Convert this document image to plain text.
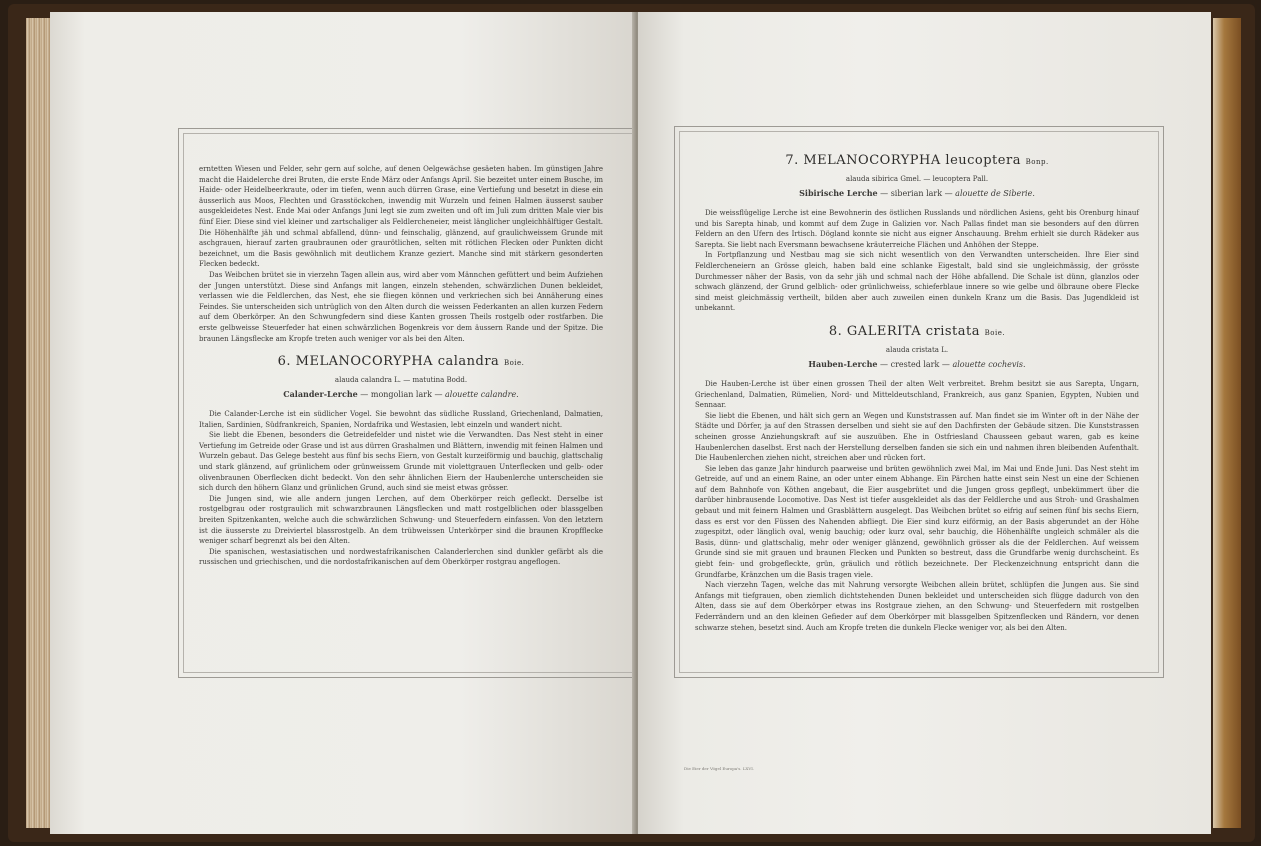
erntetten Wiesen und Felder, sehr gern auf solche, auf denen Oelgewächse gesäeten haben. Im günstigen Jahre macht die Haidelerche drei Bruten, die erste Ende März oder Anfangs April. Sie bezeitet unter einem Busche, im Haide- oder Heidelbeerkraute, oder im tiefen, wenn auch dürren Grase, eine Vertiefung und besetzt in diese ein äusserlich aus Moos, Flechten und Grasstöckchen, inwendig mit Wurzeln und feinen Halmen äusserst sauber ausgekleidetes Nest. Ende Mai oder Anfangs Juni legt sie zum zweiten und oft im Juli zum dritten Male vier bis fünf Eier. Diese sind viel kleiner und zartschaliger als Feldlercheneier, meist länglicher ungleichhälftiger Gestalt. Die Höhenhälfte jäh und schmal abfallend, dünn- und feinschalig, glänzend, auf graulichweissem Grunde mit aschgrauen, hierauf zarten graubraunen oder graurötlichen, selten mit rötlichen Flecken oder Punkten dicht bezeichnet, um die Basis gewöhnlich mit deutlichem Kranze geziert. Manche sind mit stärkern gesonderten Flecken bedeckt.

Das Weibchen brütet sie in vierzehn Tagen allein aus, wird aber vom Männchen gefüttert und beim Aufziehen der Jungen unterstützt. Diese sind Anfangs mit langen, einzeln stehenden, schwärzlichen Dunen bekleidet, verlassen wie die Feldlerchen, das Nest, ehe sie fliegen können und verkriechen sich bei Annäherung eines Feindes. Sie unterscheiden sich untrüglich von den Alten durch die weissen Federkanten an allen kurzen Federn auf dem Oberkörper. An den Schwungfedern sind diese Kanten grossen Theils rostgelb oder rostfarben. Die erste gelbweisse Steuerfeder hat einen schwärzlichen Bogenkreis vor dem äussern Rande und der Spitze. Die braunen Längsflecke am Kropfe treten auch weniger vor als bei den Alten.

6. MELANOCORYPHA calandra Boie.
alauda calandra L. — matutina Bodd.
Calander-Lerche — mongolian lark — alouette calandre.

Die Calander-Lerche ist ein südlicher Vogel. Sie bewohnt das südliche Russland, Griechenland, Dalmatien, Italien, Sardinien, Südfrankreich, Spanien, Nordafrika und Westasien, lebt einzeln und wandert nicht.

Sie liebt die Ebenen, besonders die Getreidefelder und nistet wie die Verwandten. Das Nest steht in einer Vertiefung im Getreide oder Grase und ist aus dürren Grashalmen und Blättern, inwendig mit feinen Halmen und Wurzeln gebaut. Das Gelege besteht aus fünf bis sechs Eiern, von Gestalt kurzeiförmig und bauchig, glattschalig und stark glänzend, auf grünlichem oder grünweissem Grunde mit violettgrauen Unterflecken und gelb- oder olivenbraunen Oberflecken dicht bedeckt. Von den sehr ähnlichen Eiern der Haubenlerche unterscheiden sie sich durch den höhern Glanz und grünlichen Grund, auch sind sie meist etwas grösser.

Die Jungen sind, wie alle andern jungen Lerchen, auf dem Oberkörper reich gefleckt. Derselbe ist rostgelbgrau oder rostgraulich mit schwarzbraunen Längsflecken und matt rostgelblichen oder blassgelben breiten Spitzenkanten, welche auch die schwärzlichen Schwung- und Steuerfedern einfassen. Von den letztern ist die äusserste zu Dreiviertel blassrostgelb. An dem trübweissen Unterkörper sind die braunen Kropfflecke weniger scharf begrenzt als bei den Alten.

Die spanischen, westasiatischen und nordwestafrikanischen Calanderlerchen sind dunkler gefärbt als die russischen und griechischen, und die nordostafrikanischen auf dem Oberkörper rostgrau angeflogen.

7. MELANOCORYPHA leucoptera Bonp.
alauda sibirica Gmel. — leucoptera Pall.
Sibirische Lerche — siberian lark — alouette de Siberie.

Die weissflügelige Lerche ist eine Bewohnerin des östlichen Russlands und nördlichen Asiens, geht bis Orenburg hinauf und bis Sarepta hinab, und kommt auf dem Zuge in Galizien vor. Nach Pallas findet man sie besonders auf den dürren Feldern an den Ufern des Irtisch. Dögland konnte sie nicht aus eigner Anschauung. Brehm erhielt sie durch Rädeker aus Sarepta. Sie liebt nach Eversmann bewachsene kräuterreiche Flächen und Anhöhen der Steppe.

In Fortpflanzung und Nestbau mag sie sich nicht wesentlich von den Verwandten unterscheiden. Ihre Eier sind Feldlercheneiern an Grösse gleich, haben bald eine schlanke Eigestalt, bald sind sie ungleichmässig, der grösste Durchmesser näher der Basis, von da sehr jäh und schmal nach der Höhe abfallend. Die Schale ist dünn, glanzlos oder schwach glänzend, der Grund gelblich- oder grünlichweiss, schieferblaue innere so wie gelbe und ölbraune obere Flecke sind meist gleichmässig vertheilt, bilden aber auch zuweilen einen dunkeln Kranz um die Basis. Das Jugendkleid ist unbekannt.

8. GALERITA cristata Boie.
alauda cristata L.
Hauben-Lerche — crested lark — alouette cochevis.

Die Hauben-Lerche ist über einen grossen Theil der alten Welt verbreitet. Brehm besitzt sie aus Sarepta, Ungarn, Griechenland, Dalmatien, Rümelien, Nord- und Mitteldeutschland, Frankreich, aus ganz Spanien, Egypten, Nubien und Sennaar.

Sie liebt die Ebenen, und hält sich gern an Wegen und Kunststrassen auf. Man findet sie im Winter oft in der Nähe der Städte und Dörfer, ja auf den Strassen derselben und sieht sie auf den Dachfirsten der Gebäude sitzen. Die Kunststrassen scheinen grosse Anziehungskraft auf sie auszuüben. Ehe in Ostfriesland Chausseen gebaut waren, gab es keine Haubenlerchen daselbst. Erst nach der Herstellung derselben fanden sie sich ein und nahmen ihren bleibenden Aufenthalt. Die Haubenlerchen ziehen nicht, streichen aber und rücken fort.

Sie leben das ganze Jahr hindurch paarweise und brüten gewöhnlich zwei Mal, im Mai und Ende Juni. Das Nest steht im Getreide, auf und an einem Raine, an oder unter einem Abhange. Ein Pärchen hatte einst sein Nest un eine der Schienen auf dem Bahnhofe von Köthen angebaut, die Eier ausgebrütet und die Jungen gross gepflegt, unbekümmert über die darüber hinbrausende Locomotive. Das Nest ist tiefer ausgekleidet als das der Feldlerche und aus Stroh- und Grashalmen gebaut und mit feinern Halmen und Grasblättern ausgelegt. Das Weibchen brütet so eifrig auf seinen fünf bis sechs Eiern, dass es erst vor den Füssen des Nahenden abfliegt. Die Eier sind kurz eiförmig, an der Basis abgerundet an der Höhe zugespitzt, oder länglich oval, wenig bauchig; oder kurz oval, sehr bauchig, die Höhenhälfte ungleich schmäler als die Basis, dünn- und glattschalig, mehr oder weniger glänzend, gewöhnlich grösser als die der Feldlerchen. Auf weissem Grunde sind sie mit grauen und braunen Flecken und Punkten so bestreut, dass die Grundfarbe wenig durchscheint. Es giebt fein- und grobgefleckte, grün, gräulich und rötlich bezeichnete. Der Fleckenzeichnung entspricht dann die Grundfarbe, Kränzchen um die Basis tragen viele.

Nach vierzehn Tagen, welche das mit Nahrung versorgte Weibchen allein brütet, schlüpfen die Jungen aus. Sie sind Anfangs mit tiefgrauen, oben ziemlich dichtstehenden Dunen bekleidet und unterscheiden sich flügge dadurch von den Alten, dass sie auf dem Oberkörper etwas ins Rostgraue ziehen, an den Schwung- und Steuerfedern mit rostgelben Federrändern und an den kleinen Gefieder auf dem Oberkörper mit blassgelben Spitzenflecken und Rändern, vor denen schwarze stehen, besetzt sind. Auch am Kropfe treten die dunkeln Flecke weniger vor, als bei den Alten.

Die Eier der Vögel Europa's. LXVI.
